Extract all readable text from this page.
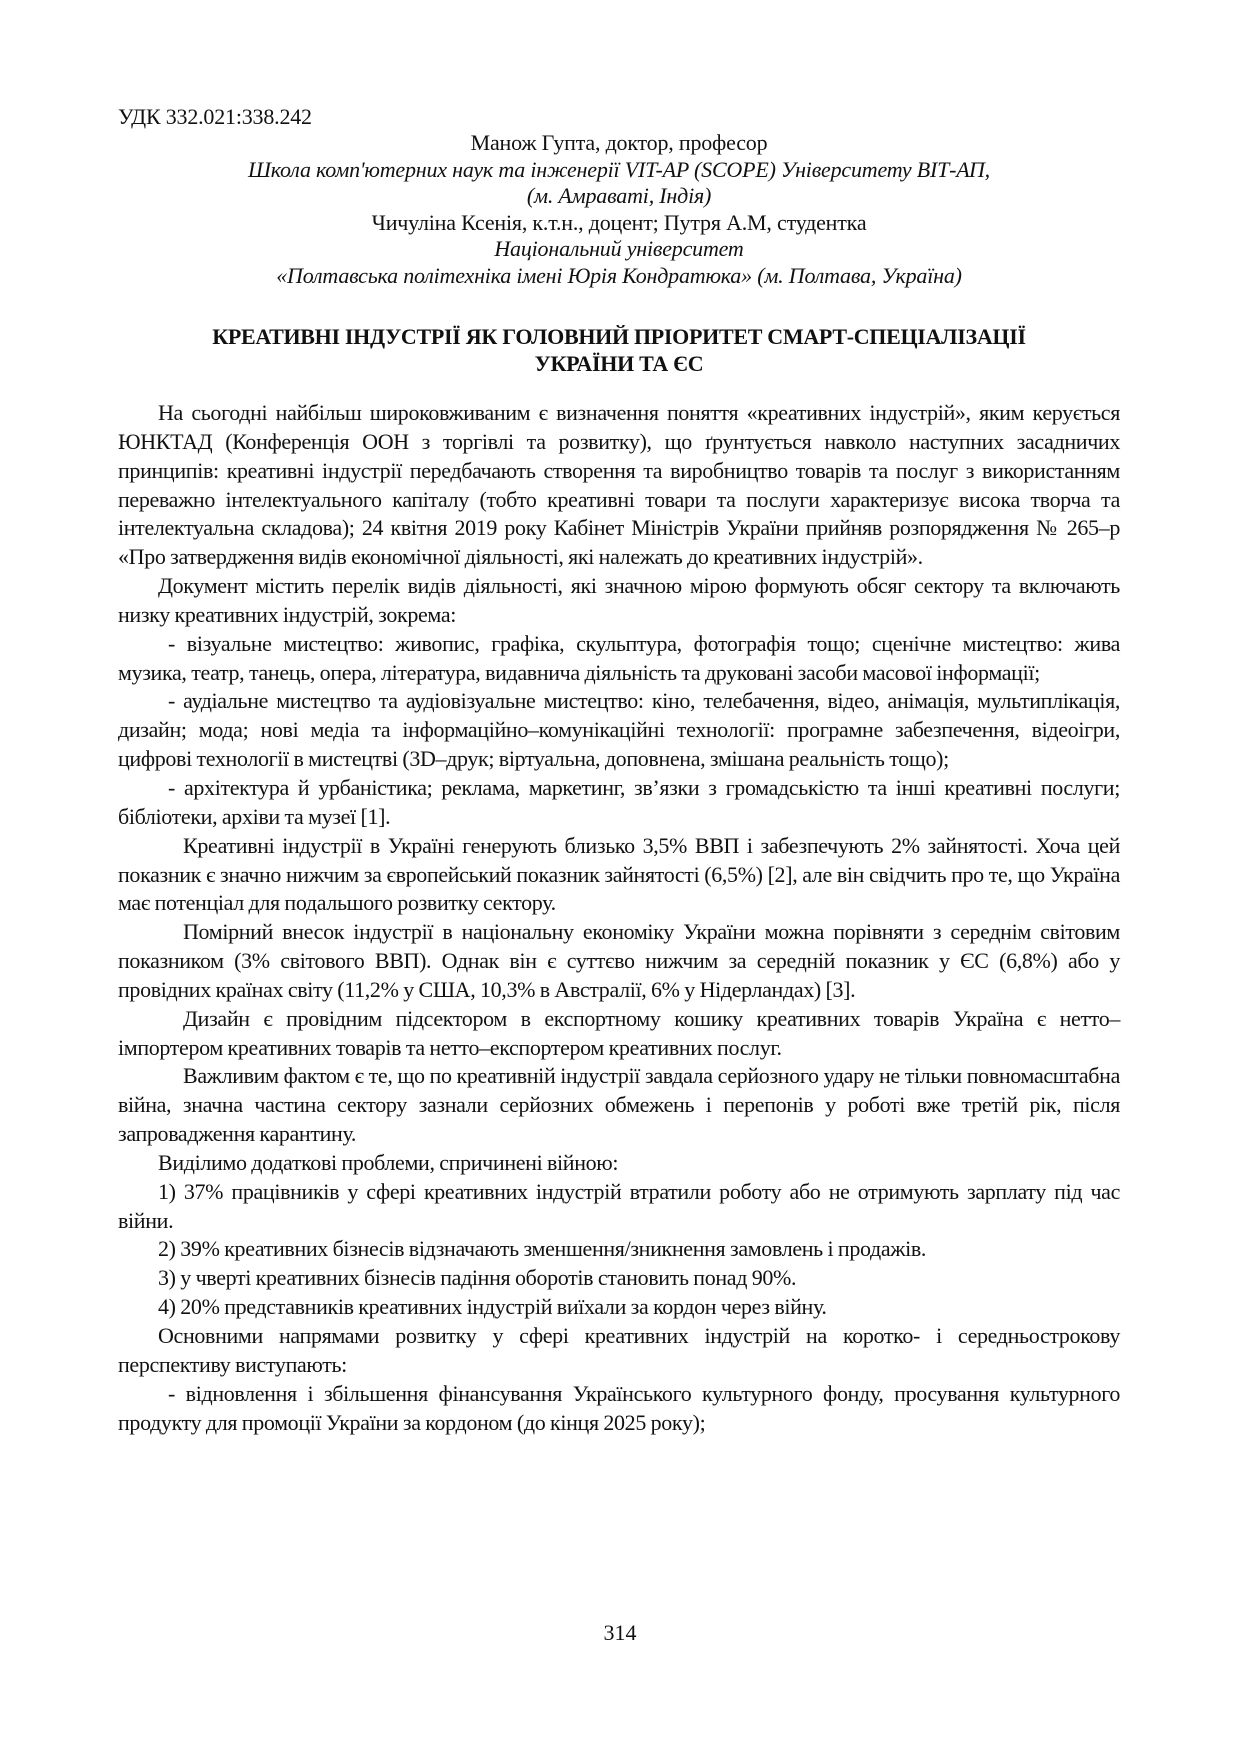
УДК 332.021:338.242

Манож Гупта, доктор, професор

Школа комп'ютерних наук та інженерії VIT-AP (SCOPE) Університету ВІТ-АП,

(м. Амраваті, Індія)

Чичуліна Ксенія, к.т.н., доцент; Путря А.М, студентка

Національний університет

«Полтавська політехніка імені Юрія Кондратюка» (м. Полтава, Україна)

КРЕАТИВНІ ІНДУСТРІЇ ЯК ГОЛОВНИЙ ПРІОРИТЕТ СМАРТ-СПЕЦІАЛІЗАЦІЇ
УКРАЇНИ ТА ЄС

На сьогодні найбільш широковживаним є визначення поняття «креативних індустрій», яким керується ЮНКТАД (Конференція ООН з торгівлі та розвитку), що ґрунтується навколо наступних засадничих принципів: креативні індустрії передбачають створення та виробництво товарів та послуг з використанням переважно інтелектуального капіталу (тобто креативні товари та послуги характеризує висока творча та інтелектуальна складова); 24 квітня 2019 року Кабінет Міністрів України прийняв розпорядження № 265–р «Про затвердження видів економічної діяльності, які належать до креативних індустрій».

Документ містить перелік видів діяльності, які значною мірою формують обсяг сектору та включають низку креативних індустрій, зокрема:

- візуальне мистецтво: живопис, графіка, скульптура, фотографія тощо; сценічне мистецтво: жива музика, театр, танець, опера, література, видавнича діяльність та друковані засоби масової інформації;

- аудіальне мистецтво та аудіовізуальне мистецтво: кіно, телебачення, відео, анімація, мультиплікація, дизайн; мода; нові медіа та інформаційно–комунікаційні технології: програмне забезпечення, відеоігри, цифрові технології в мистецтві (3D–друк; віртуальна, доповнена, змішана реальність тощо);

- архітектура й урбаністика; реклама, маркетинг, зв’язки з громадськістю та інші креативні послуги; бібліотеки, архіви та музеї [1].

Креативні індустрії в Україні генерують близько 3,5% ВВП і забезпечують 2% зайнятості. Хоча цей показник є значно нижчим за європейський показник зайнятості (6,5%) [2], але він свідчить про те, що Україна має потенціал для подальшого розвитку сектору.

Помірний внесок індустрії в національну економіку України можна порівняти з середнім світовим показником (3% світового ВВП). Однак він є суттєво нижчим за середній показник у ЄС (6,8%) або у провідних країнах світу (11,2% у США, 10,3% в Австралії, 6% у Нідерландах) [3].

Дизайн є провідним підсектором в експортному кошику креативних товарів Україна є нетто–імпортером креативних товарів та нетто–експортером креативних послуг.

Важливим фактом є те, що по креативній індустрії завдала серйозного удару не тільки повномасштабна війна, значна частина сектору зазнали серйозних обмежень і перепонів у роботі вже третій рік, після запровадження карантину.

Виділимо додаткові проблеми, спричинені війною:

1) 37% працівників у сфері креативних індустрій втратили роботу або не отримують зарплату під час війни.

2) 39% креативних бізнесів відзначають зменшення/зникнення замовлень і продажів.

3) у чверті креативних бізнесів падіння оборотів становить понад 90%.

4) 20% представників креативних індустрій виїхали за кордон через війну.

Основними напрямами розвитку у сфері креативних індустрій на коротко- і середньострокову перспективу виступають:

- відновлення і збільшення фінансування Українського культурного фонду, просування культурного продукту для промоції України за кордоном (до кінця 2025 року);

314
